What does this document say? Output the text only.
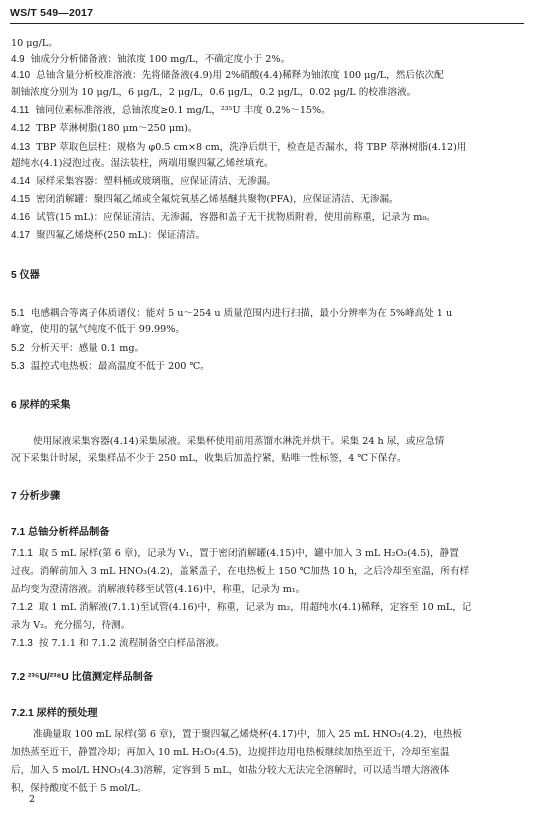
WS/T 549—2017
10 μg/L。
4.9  铀成分分析储备液：铀浓度 100 mg/L，不确定度小于 2%。
4.10  总铀含量分析校准溶液：先将储备液(4.9)用 2%硝酸(4.4)稀释为铀浓度 100 μg/L，然后依次配
制铀浓度分别为 10 μg/L，6 μg/L，2 μg/L，0.6 μg/L，0.2 μg/L，0.02 μg/L 的校准溶液。
4.11  铀同位素标准溶液，总铀浓度≥0.1 mg/L，²³⁵U 丰度 0.2%～15%。
4.12  TBP 萃淋树脂(180 μm～250 μm)。
4.13  TBP 萃取色层柱：规格为 φ0.5 cm×8 cm，洗净后烘干，检查是否漏水，将 TBP 萃淋树脂(4.12)用
超纯水(4.1)浸泡过夜。湿法装柱，两端用聚四氟乙烯丝填充。
4.14  尿样采集容器：塑料桶或玻璃瓶，应保证清洁、无渗漏。
4.15  密闭消解罐：聚四氟乙烯或全氟烷氧基乙烯基醚共聚物(PFA)，应保证清洁、无渗漏。
4.16  试管(15 mL)：应保证清洁、无渗漏，容器和盖子无干扰物质附着，使用前称重，记录为 m₀。
4.17  聚四氟乙烯烧杯(250 mL)：保证清洁。
5 仪器
5.1  电感耦合等离子体质谱仪：能对 5 u～254 u 质量范围内进行扫描，最小分辨率为在 5%峰高处 1 u
峰宽，使用的氩气纯度不低于 99.99%。
5.2  分析天平：感量 0.1 mg。
5.3  温控式电热板：最高温度不低于 200 ℃。
6 尿样的采集
使用尿液采集容器(4.14)采集尿液。采集杯使用前用蒸馏水淋洗并烘干。采集 24 h 尿，或应急情
况下采集计时尿，采集样品不少于 250 mL，收集后加盖拧紧，贴唯一性标签，4 ℃下保存。
7 分析步骤
7.1 总铀分析样品制备
7.1.1  取 5 mL 尿样(第 6 章)，记录为 V₁，置于密闭消解罐(4.15)中，罐中加入 3 mL H₂O₂(4.5)，静置
过夜。消解前加入 3 mL HNO₃(4.2)，盖紧盖子，在电热板上 150 ℃加热 10 h，之后冷却至室温，所有样
品均变为澄清溶液。消解液转移至试管(4.16)中，称重，记录为 m₁。
7.1.2  取 1 mL 消解液(7.1.1)至试管(4.16)中，称重，记录为 m₂，用超纯水(4.1)稀释，定容至 10 mL，记
录为 V₂。充分摇匀，待测。
7.1.3  按 7.1.1 和 7.1.2 流程制备空白样品溶液。
7.2 ²³⁵U/²³⁸U 比值测定样品制备
7.2.1 尿样的预处理
准确量取 100 mL 尿样(第 6 章)，置于聚四氟乙烯烧杯(4.17)中，加入 25 mL HNO₃(4.2)，电热板
加热蒸至近干，静置冷却；再加入 10 mL H₂O₂(4.5)，边搅拌边用电热板继续加热至近干，冷却至室温
后，加入 5 mol/L HNO₃(4.3)溶解，定容到 5 mL，如盐分较大无法完全溶解时，可以适当增大溶液体
积，保持酸度不低于 5 mol/L。
2
